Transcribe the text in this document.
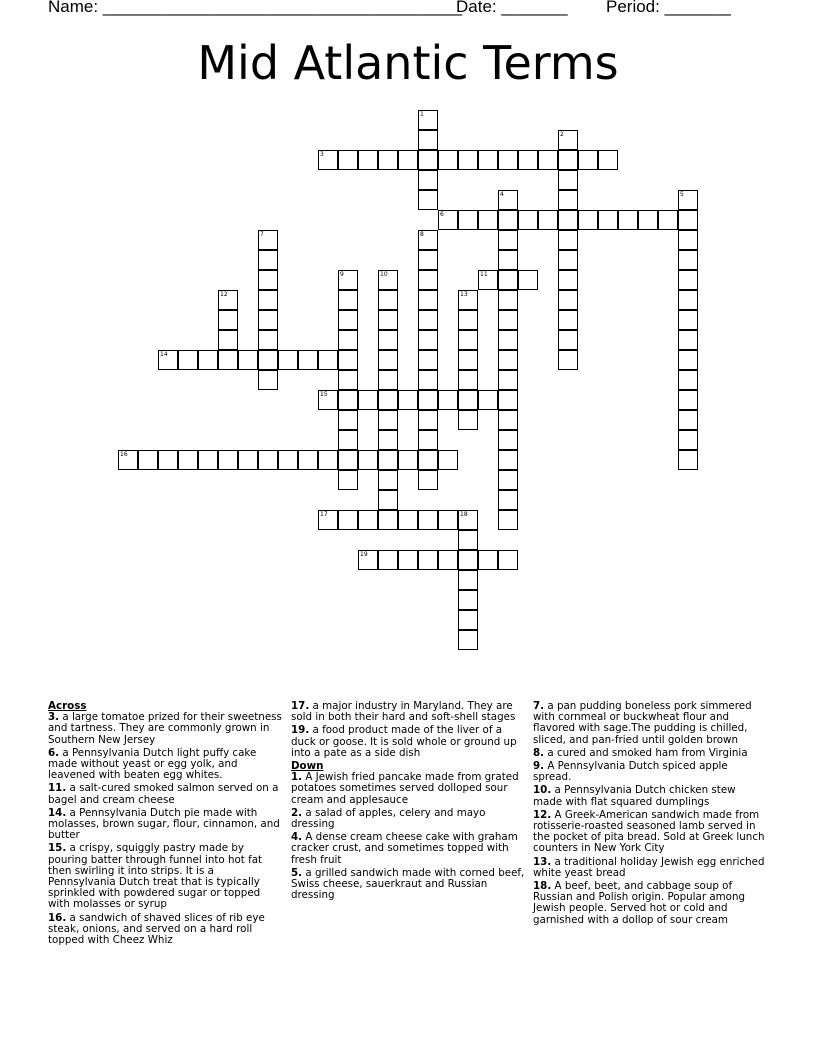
Name: ______________________________________
Date: _______ Period: _______
Mid Atlantic Terms
1
2
3
4	5
6
7	8
9	10	11
12	13
14
15
16
17	18
19
Across
3. a large tomatoe prized for their sweetness and tartness. They are commonly grown in Southern New Jersey
6. a Pennsylvania Dutch light puffy cake made without yeast or egg yolk, and leavened with beaten egg whites.
11. a salt-cured smoked salmon served on a bagel and cream cheese
14. a Pennsylvania Dutch pie made with molasses, brown sugar, flour, cinnamon, and butter
15. a crispy, squiggly pastry made by pouring batter through funnel into hot fat then swirling it into strips. It is a Pennsylvania Dutch treat that is typically sprinkled with powdered sugar or topped with molasses or syrup
16. a sandwich of shaved slices of rib eye steak, onions, and served on a hard roll topped with Cheez Whiz
17. a major industry in Maryland. They are sold in both their hard and soft-shell stages
19. a food product made of the liver of a duck or goose. It is sold whole or ground up into a pate as a side dish
Down
1. A Jewish fried pancake made from grated potatoes sometimes served dolloped sour cream and applesauce
2. a salad of apples, celery and mayo dressing
4. A dense cream cheese cake with graham cracker crust, and sometimes topped with fresh fruit
5. a grilled sandwich made with corned beef, Swiss cheese, sauerkraut and Russian dressing
7. a pan pudding boneless pork simmered with cornmeal or buckwheat flour and flavored with sage.The pudding is chilled, sliced, and pan-fried until golden brown
8. a cured and smoked ham from Virginia
9. A Pennsylvania Dutch spiced apple spread.
10. a Pennsylvania Dutch chicken stew made with flat squared dumplings
12. A Greek-American sandwich made from rotisserie-roasted seasoned lamb served in the pocket of pita bread. Sold at Greek lunch counters in New York City
13. a traditional holiday Jewish egg enriched white yeast bread
18. A beef, beet, and cabbage soup of Russian and Polish origin. Popular among Jewish people. Served hot or cold and garnished with a dollop of sour cream
